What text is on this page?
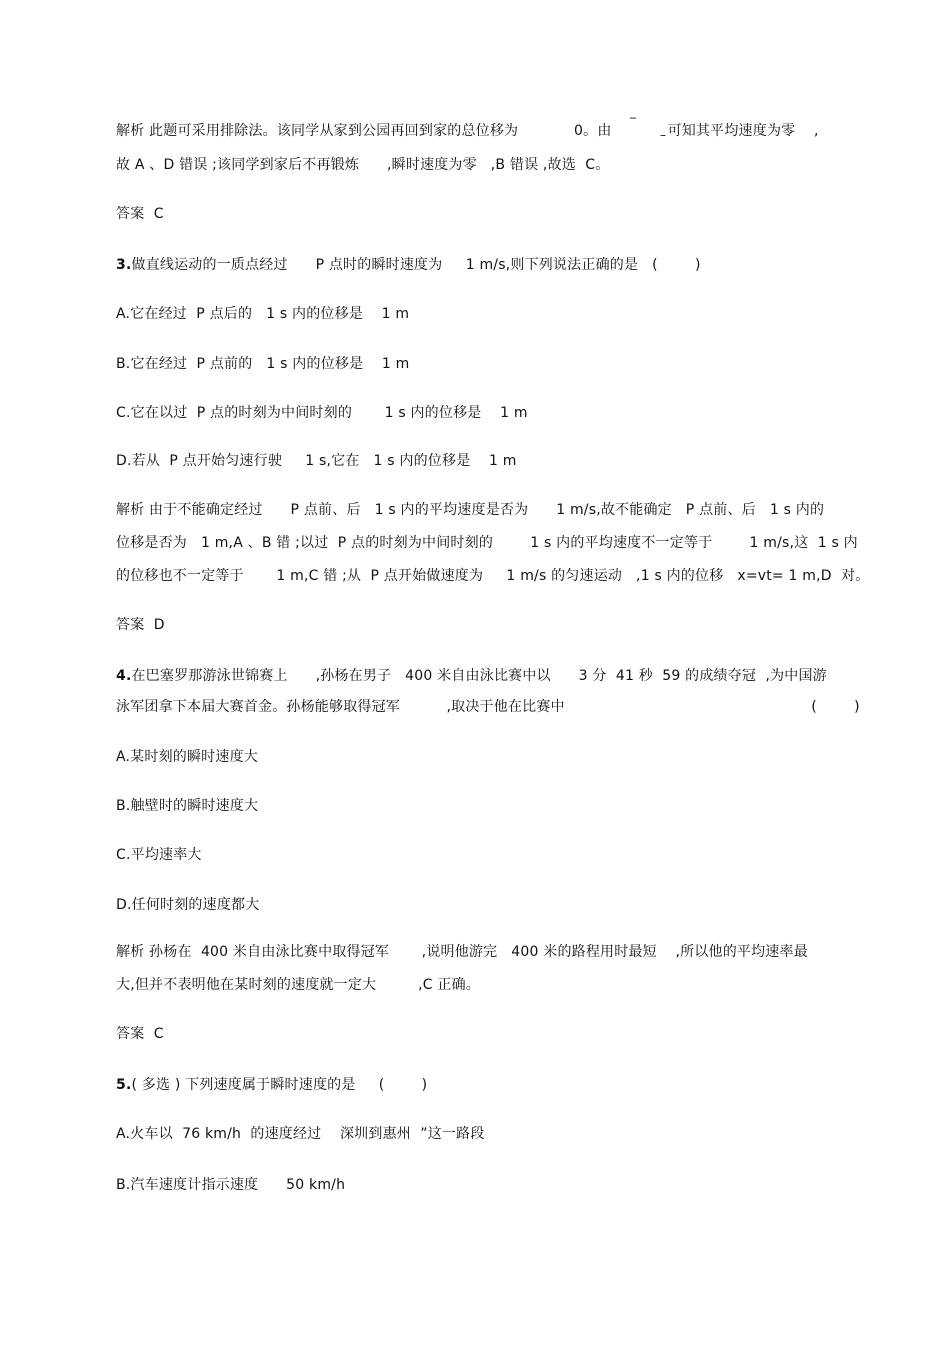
解析 此题可采用排除法。该同学从家到公园再回到家的总位移为            0。由	可知其平均速度为零    ,
‾
–
故 A 、D 错误 ;该同学到家后不再锻炼      ,瞬时速度为零   ,B 错误 ,故选  C。
答案  C
3.做直线运动的一质点经过      P 点时的瞬时速度为     1 m/s,则下列说法正确的是   (        )
A.它在经过  P 点后的   1 s 内的位移是    1 m
B.它在经过  P 点前的   1 s 内的位移是    1 m
C.它在以过  P 点的时刻为中间时刻的       1 s 内的位移是    1 m
D.若从  P 点开始匀速行驶     1 s,它在   1 s 内的位移是    1 m
解析 由于不能确定经过      P 点前、后   1 s 内的平均速度是否为      1 m/s,故不能确定   P 点前、后   1 s 内的
位移是否为   1 m,A 、B 错 ;以过  P 点的时刻为中间时刻的        1 s 内的平均速度不一定等于        1 m/s,这  1 s 内
的位移也不一定等于       1 m,C 错 ;从  P 点开始做速度为     1 m/s 的匀速运动   ,1 s 内的位移   x=vt= 1 m,D  对。
答案  D
4.在巴塞罗那游泳世锦赛上      ,孙杨在男子   400 米自由泳比赛中以      3 分  41 秒  59 的成绩夺冠  ,为中国游
泳军团拿下本届大赛首金。孙杨能够取得冠军          ,取决于他在比赛中                                                     (        )
A.某时刻的瞬时速度大
B.触壁时的瞬时速度大
C.平均速率大
D.任何时刻的速度都大
解析 孙杨在  400 米自由泳比赛中取得冠军       ,说明他游完   400 米的路程用时最短    ,所以他的平均速率最
大,但并不表明他在某时刻的速度就一定大         ,C 正确。
答案  C
5.( 多选 ) 下列速度属于瞬时速度的是     (        )
A.火车以  76 km/h  的速度经过    深圳到惠州  ”这一路段
B.汽车速度计指示速度      50 km/h
